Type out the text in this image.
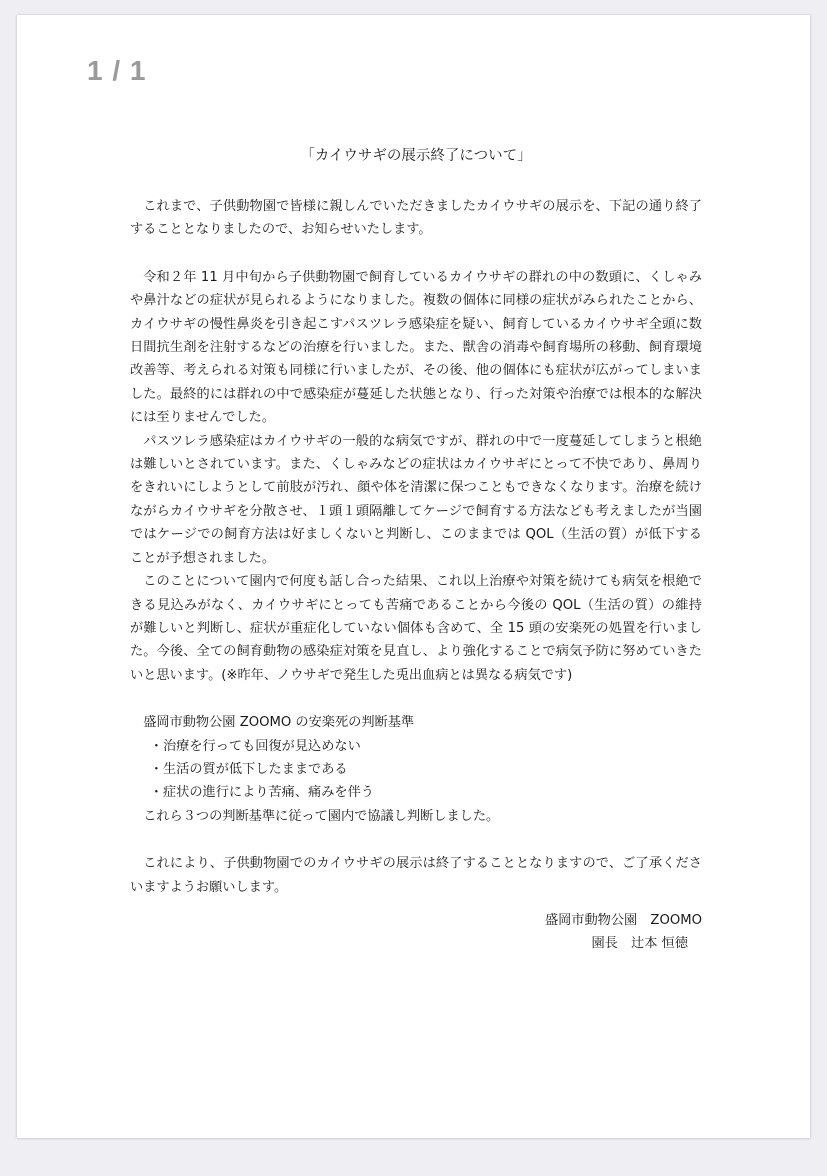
1 / 1

「カイウサギの展示終了について」

これまで、子供動物園で皆様に親しんでいただきましたカイウサギの展示を、下記の通り終了することとなりましたので、お知らせいたします。

令和２年 11 月中旬から子供動物園で飼育しているカイウサギの群れの中の数頭に、くしゃみや鼻汁などの症状が見られるようになりました。複数の個体に同様の症状がみられたことから、カイウサギの慢性鼻炎を引き起こすパスツレラ感染症を疑い、飼育しているカイウサギ全頭に数日間抗生剤を注射するなどの治療を行いました。また、獣舎の消毒や飼育場所の移動、飼育環境改善等、考えられる対策も同様に行いましたが、その後、他の個体にも症状が広がってしまいました。最終的には群れの中で感染症が蔓延した状態となり、行った対策や治療では根本的な解決には至りませんでした。

パスツレラ感染症はカイウサギの一般的な病気ですが、群れの中で一度蔓延してしまうと根絶は難しいとされています。また、くしゃみなどの症状はカイウサギにとって不快であり、鼻周りをきれいにしようとして前肢が汚れ、顔や体を清潔に保つこともできなくなります。治療を続けながらカイウサギを分散させ、１頭１頭隔離してケージで飼育する方法なども考えましたが当園ではケージでの飼育方法は好ましくないと判断し、このままでは QOL（生活の質）が低下することが予想されました。

このことについて園内で何度も話し合った結果、これ以上治療や対策を続けても病気を根絶できる見込みがなく、カイウサギにとっても苦痛であることから今後の QOL（生活の質）の維持が難しいと判断し、症状が重症化していない個体も含めて、全 15 頭の安楽死の処置を行いました。今後、全ての飼育動物の感染症対策を見直し、より強化することで病気予防に努めていきたいと思います。(※昨年、ノウサギで発生した兎出血病とは異なる病気です)

盛岡市動物公園 ZOOMO の安楽死の判断基準
・治療を行っても回復が見込めない
・生活の質が低下したままである
・症状の進行により苦痛、痛みを伴う
これら３つの判断基準に従って園内で協議し判断しました。

これにより、子供動物園でのカイウサギの展示は終了することとなりますので、ご了承くださいますようお願いします。

盛岡市動物公園　ZOOMO
園長　辻本 恒徳
